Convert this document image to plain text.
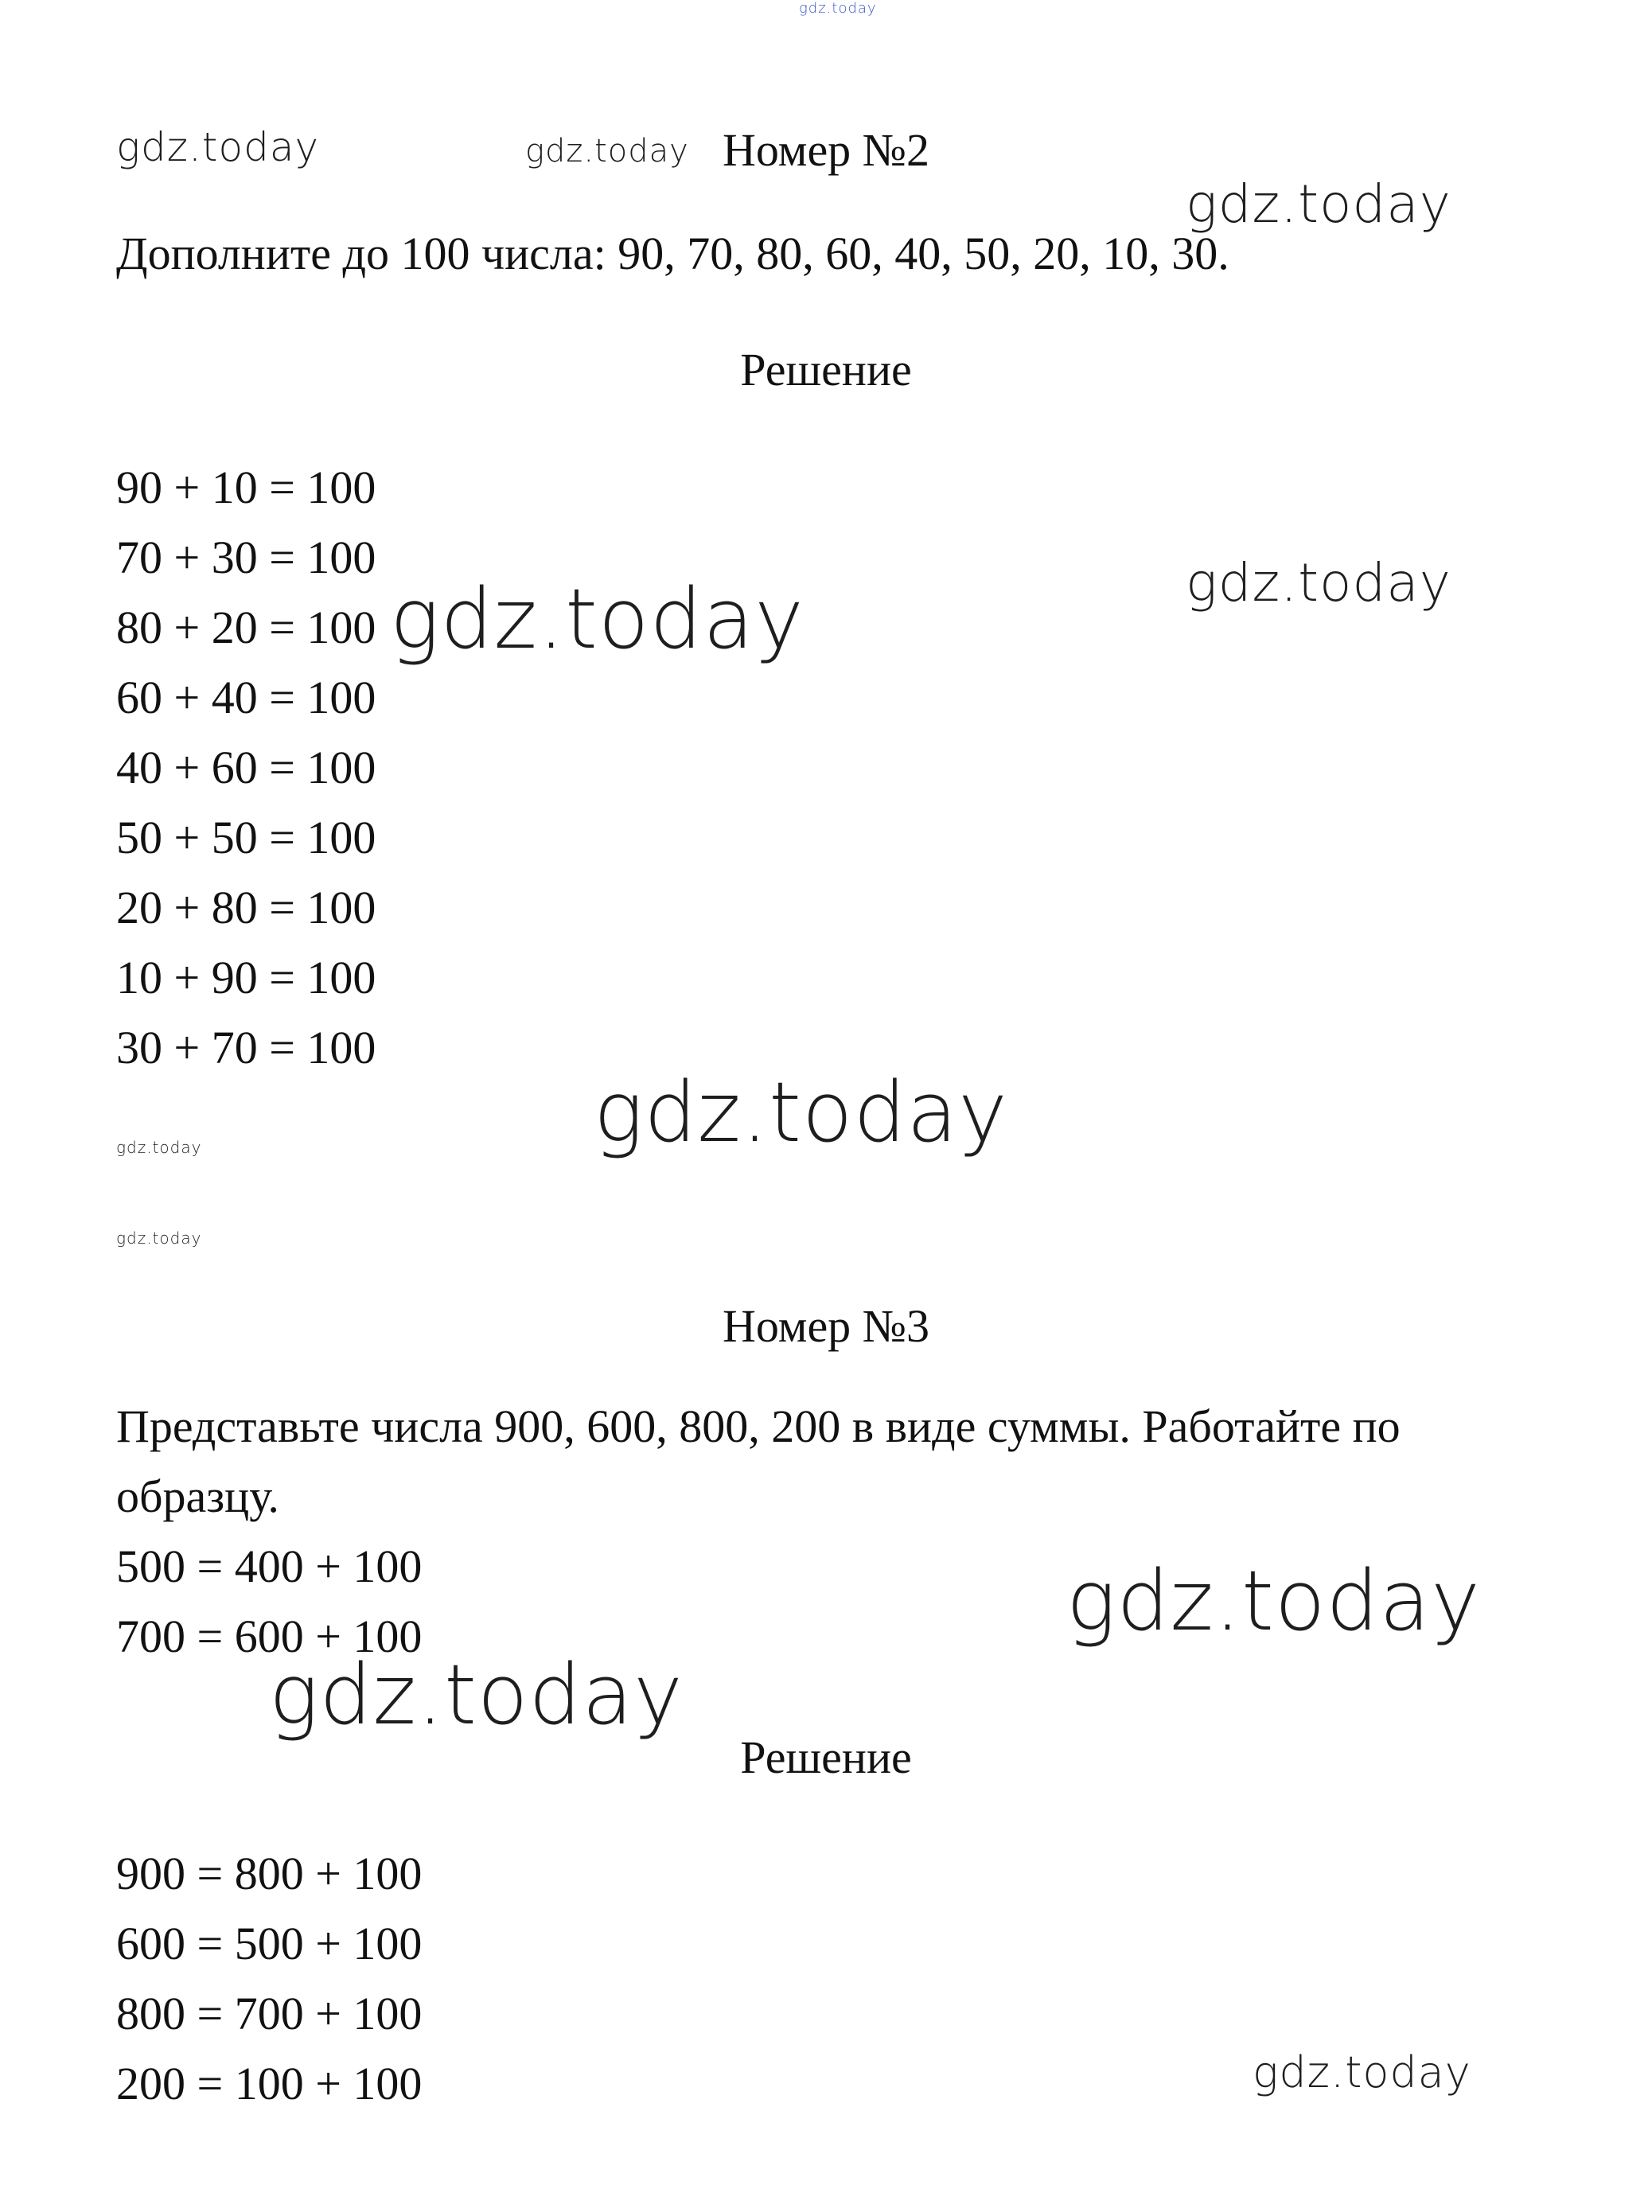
gdz.today
gdz.today	gdz.today
gdz.today
gdz.today
gdz.today
gdz.today
gdz.today
gdz.today
gdz.today
gdz.today
gdz.today
Номер №2
Дополните до 100 числа: 90, 70, 80, 60, 40, 50, 20, 10, 30.
Решение
90 + 10 = 100
70 + 30 = 100
80 + 20 = 100
60 + 40 = 100
40 + 60 = 100
50 + 50 = 100
20 + 80 = 100
10 + 90 = 100
30 + 70 = 100
Номер №3
Представьте числа 900, 600, 800, 200 в виде суммы. Работайте по
образцу.
500 = 400 + 100
700 = 600 + 100
Решение
900 = 800 + 100
600 = 500 + 100
800 = 700 + 100
200 = 100 + 100
